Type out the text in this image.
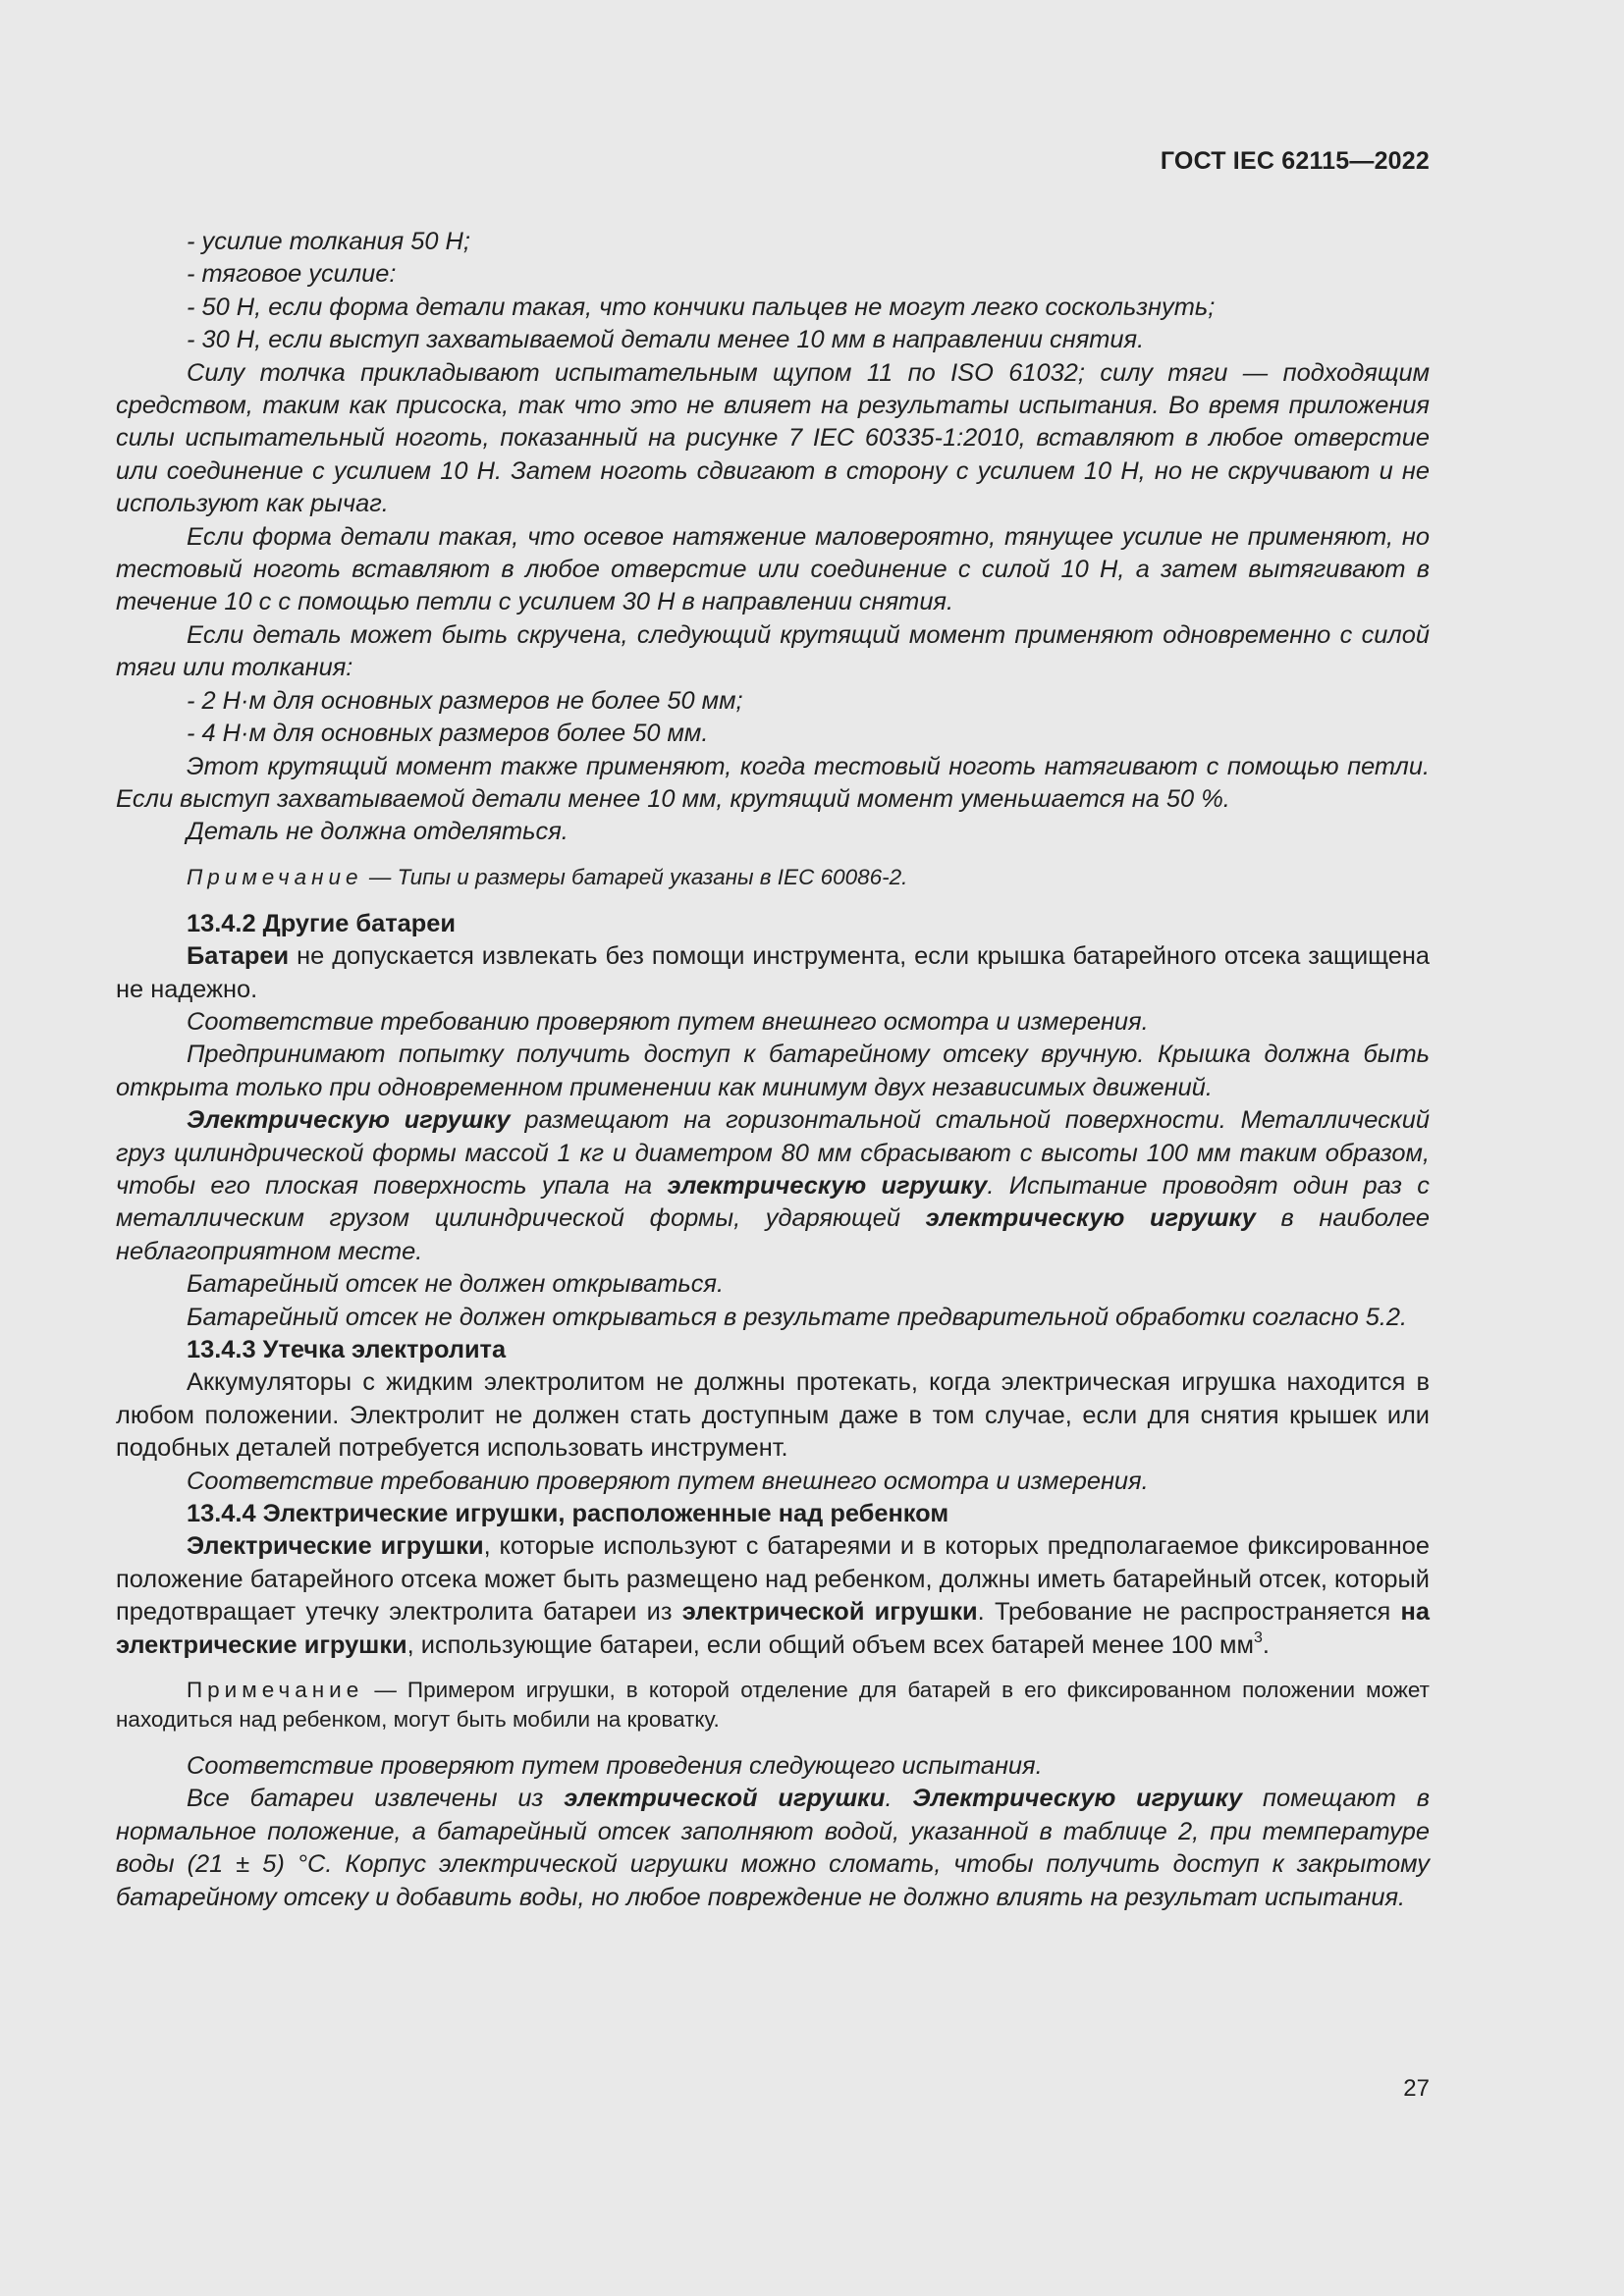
ГОСТ IEC 62115—2022

- усилие толкания 50 Н;

- тяговое усилие:

- 50 Н, если форма детали такая, что кончики пальцев не могут легко соскользнуть;

- 30 Н, если выступ захватываемой детали менее 10 мм в направлении снятия.

Силу толчка прикладывают испытательным щупом 11 по ISO 61032; силу тяги — подходящим средством, таким как присоска, так что это не влияет на результаты испытания. Во время приложения силы испытательный ноготь, показанный на рисунке 7 IEC 60335-1:2010, вставляют в любое отверстие или соединение с усилием 10 Н. Затем ноготь сдвигают в сторону с усилием 10 Н, но не скручивают и не используют как рычаг.

Если форма детали такая, что осевое натяжение маловероятно, тянущее усилие не применяют, но тестовый ноготь вставляют в любое отверстие или соединение с силой 10 Н, а затем вытягивают в течение 10 с с помощью петли с усилием 30 Н в направлении снятия.

Если деталь может быть скручена, следующий крутящий момент применяют одновременно с силой тяги или толкания:

- 2 Н·м для основных размеров не более 50 мм;

- 4 Н·м для основных размеров более 50 мм.

Этот крутящий момент также применяют, когда тестовый ноготь натягивают с помощью петли. Если выступ захватываемой детали менее 10 мм, крутящий момент уменьшается на 50 %.

Деталь не должна отделяться.

Примечание — Типы и размеры батарей указаны в IEC 60086-2.

13.4.2 Другие батареи

Батареи не допускается извлекать без помощи инструмента, если крышка батарейного отсека защищена не надежно.

Соответствие требованию проверяют путем внешнего осмотра и измерения.

Предпринимают попытку получить доступ к батарейному отсеку вручную. Крышка должна быть открыта только при одновременном применении как минимум двух независимых движений.

Электрическую игрушку размещают на горизонтальной стальной поверхности. Металлический груз цилиндрической формы массой 1 кг и диаметром 80 мм сбрасывают с высоты 100 мм таким образом, чтобы его плоская поверхность упала на электрическую игрушку. Испытание проводят один раз с металлическим грузом цилиндрической формы, ударяющей электрическую игрушку в наиболее неблагоприятном месте.

Батарейный отсек не должен открываться.

Батарейный отсек не должен открываться в результате предварительной обработки согласно 5.2.

13.4.3 Утечка электролита

Аккумуляторы с жидким электролитом не должны протекать, когда электрическая игрушка находится в любом положении. Электролит не должен стать доступным даже в том случае, если для снятия крышек или подобных деталей потребуется использовать инструмент.

Соответствие требованию проверяют путем внешнего осмотра и измерения.

13.4.4 Электрические игрушки, расположенные над ребенком

Электрические игрушки, которые используют с батареями и в которых предполагаемое фиксированное положение батарейного отсека может быть размещено над ребенком, должны иметь батарейный отсек, который предотвращает утечку электролита батареи из электрической игрушки. Требование не распространяется на электрические игрушки, использующие батареи, если общий объем всех батарей менее 100 $мм^3$.

Примечание — Примером игрушки, в которой отделение для батарей в его фиксированном положении может находиться над ребенком, могут быть мобили на кроватку.

Соответствие проверяют путем проведения следующего испытания.

Все батареи извлечены из электрической игрушки. Электрическую игрушку помещают в нормальное положение, а батарейный отсек заполняют водой, указанной в таблице 2, при температуре воды (21 ± 5) °C. Корпус электрической игрушки можно сломать, чтобы получить доступ к закрытому батарейному отсеку и добавить воды, но любое повреждение не должно влиять на результат испытания.

27
